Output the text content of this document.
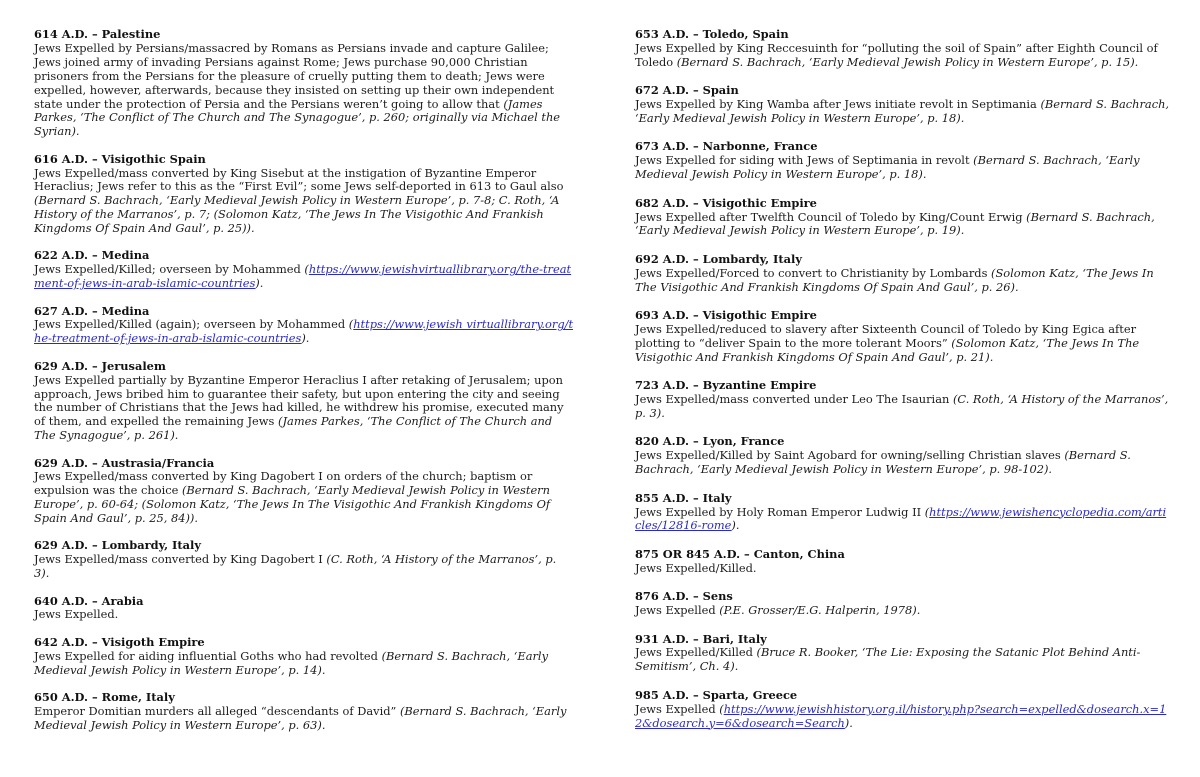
614 A.D. – Palestine
Jews Expelled by Persians/massacred by Romans as Persians invade and capture Galilee; Jews joined army of invading Persians against Rome; Jews purchase 90,000 Christian prisoners from the Persians for the pleasure of cruelly putting them to death; Jews were expelled, however, afterwards, because they insisted on setting up their own independent state under the protection of Persia and the Persians weren’t going to allow that (James Parkes, ‘The Conflict of The Church and The Synagogue’, p. 260; originally via Michael the Syrian).
616 A.D. – Visigothic Spain
Jews Expelled/mass converted by King Sisebut at the instigation of Byzantine Emperor Heraclius; Jews refer to this as the “First Evil”; some Jews self-deported in 613 to Gaul also (Bernard S. Bachrach, ‘Early Medieval Jewish Policy in Western Europe’, p. 7-8; C. Roth, ‘A History of the Marranos’, p. 7; (Solomon Katz, ‘The Jews In The Visigothic And Frankish Kingdoms Of Spain And Gaul’, p. 25)).
622 A.D. – Medina
Jews Expelled/Killed; overseen by Mohammed (https://www.jewishvirtuallibrary.org/the-treatment-of-jews-in-arab-islamic-countries).
627 A.D. – Medina
Jews Expelled/Killed (again); overseen by Mohammed (https://www.jewish virtuallibrary.org/the-treatment-of-jews-in-arab-islamic-countries).
629 A.D. – Jerusalem
Jews Expelled partially by Byzantine Emperor Heraclius I after retaking of Jerusalem; upon approach, Jews bribed him to guarantee their safety, but upon entering the city and seeing the number of Christians that the Jews had killed, he withdrew his promise, executed many of them, and expelled the remaining Jews (James Parkes, ‘The Conflict of The Church and The Synagogue’, p. 261).
629 A.D. – Austrasia/Francia
Jews Expelled/mass converted by King Dagobert I on orders of the church; baptism or expulsion was the choice (Bernard S. Bachrach, ‘Early Medieval Jewish Policy in Western Europe’, p. 60-64; (Solomon Katz, ‘The Jews In The Visigothic And Frankish Kingdoms Of Spain And Gaul’, p. 25, 84)).
629 A.D. – Lombardy, Italy
Jews Expelled/mass converted by King Dagobert I (C. Roth, ‘A History of the Marranos’, p. 3).
640 A.D. – Arabia
Jews Expelled.
642 A.D. – Visigoth Empire
Jews Expelled for aiding influential Goths who had revolted (Bernard S. Bachrach, ‘Early Medieval Jewish Policy in Western Europe’, p. 14).
650 A.D. – Rome, Italy
Emperor Domitian murders all alleged “descendants of David” (Bernard S. Bachrach, ‘Early Medieval Jewish Policy in Western Europe’, p. 63).
653 A.D. – Toledo, Spain
Jews Expelled by King Reccesuinth for “polluting the soil of Spain” after Eighth Council of Toledo (Bernard S. Bachrach, ‘Early Medieval Jewish Policy in Western Europe’, p. 15).
672 A.D. – Spain
Jews Expelled by King Wamba after Jews initiate revolt in Septimania (Bernard S. Bachrach, ‘Early Medieval Jewish Policy in Western Europe’, p. 18).
673 A.D. – Narbonne, France
Jews Expelled for siding with Jews of Septimania in revolt (Bernard S. Bachrach, ‘Early Medieval Jewish Policy in Western Europe’, p. 18).
682 A.D. – Visigothic Empire
Jews Expelled after Twelfth Council of Toledo by King/Count Erwig (Bernard S. Bachrach, ‘Early Medieval Jewish Policy in Western Europe’, p. 19).
692 A.D. – Lombardy, Italy
Jews Expelled/Forced to convert to Christianity by Lombards (Solomon Katz, ‘The Jews In The Visigothic And Frankish Kingdoms Of Spain And Gaul’, p. 26).
693 A.D. – Visigothic Empire
Jews Expelled/reduced to slavery after Sixteenth Council of Toledo by King Egica after plotting to “deliver Spain to the more tolerant Moors” (Solomon Katz, ‘The Jews In The Visigothic And Frankish Kingdoms Of Spain And Gaul’, p. 21).
723 A.D. – Byzantine Empire
Jews Expelled/mass converted under Leo The Isaurian (C. Roth, ‘A History of the Marranos’, p. 3).
820 A.D. – Lyon, France
Jews Expelled/Killed by Saint Agobard for owning/selling Christian slaves (Bernard S. Bachrach, ‘Early Medieval Jewish Policy in Western Europe’, p. 98-102).
855 A.D. – Italy
Jews Expelled by Holy Roman Emperor Ludwig II (https://www.jewishencyclopedia.com/articles/12816-rome).
875 OR 845 A.D. – Canton, China
Jews Expelled/Killed.
876 A.D. – Sens
Jews Expelled (P.E. Grosser/E.G. Halperin, 1978).
931 A.D. – Bari, Italy
Jews Expelled/Killed (Bruce R. Booker, ‘The Lie: Exposing the Satanic Plot Behind Anti-Semitism’, Ch. 4).
985 A.D. – Sparta, Greece
Jews Expelled (https://www.jewishhistory.org.il/history.php?search=expelled&dosearch.x=12&dosearch.y=6&dosearch=Search).
